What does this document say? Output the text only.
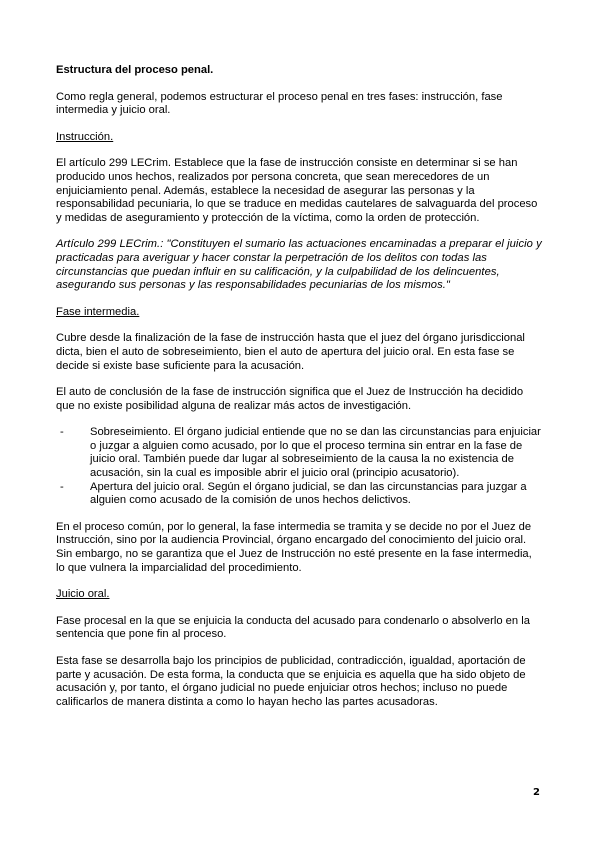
Estructura del proceso penal.

Como regla general, podemos estructurar el proceso penal en tres fases: instrucción, fase intermedia y juicio oral.

Instrucción.

El artículo 299 LECrim. Establece que la fase de instrucción consiste en determinar si se han producido unos hechos, realizados por persona concreta, que sean merecedores de un enjuiciamiento penal. Además, establece la necesidad de asegurar las personas y la responsabilidad pecuniaria, lo que se traduce en medidas cautelares de salvaguarda del proceso y medidas de aseguramiento y protección de la víctima, como la orden de protección.

Artículo 299 LECrim.: "Constituyen el sumario las actuaciones encaminadas a preparar el juicio y practicadas para averiguar y hacer constar la perpetración de los delitos con todas las circunstancias que puedan influir en su calificación, y la culpabilidad de los delincuentes, asegurando sus personas y las responsabilidades pecuniarias de los mismos."

Fase intermedia.

Cubre desde la finalización de la fase de instrucción hasta que el juez del órgano jurisdiccional dicta, bien el auto de sobreseimiento, bien el auto de apertura del juicio oral. En esta fase se decide si existe base suficiente para la acusación.

El auto de conclusión de la fase de instrucción significa que el Juez de Instrucción ha decidido que no existe posibilidad alguna de realizar más actos de investigación.

- Sobreseimiento. El órgano judicial entiende que no se dan las circunstancias para enjuiciar o juzgar a alguien como acusado, por lo que el proceso termina sin entrar en la fase de juicio oral. También puede dar lugar al sobreseimiento de la causa la no existencia de acusación, sin la cual es imposible abrir el juicio oral (principio acusatorio).
- Apertura del juicio oral. Según el órgano judicial, se dan las circunstancias para juzgar a alguien como acusado de la comisión de unos hechos delictivos.

En el proceso común, por lo general, la fase intermedia se tramita y se decide no por el Juez de Instrucción, sino por la audiencia Provincial, órgano encargado del conocimiento del juicio oral. Sin embargo, no se garantiza que el Juez de Instrucción no esté presente en la fase intermedia, lo que vulnera la imparcialidad del procedimiento.

Juicio oral.

Fase procesal en la que se enjuicia la conducta del acusado para condenarlo o absolverlo en la sentencia que pone fin al proceso.

Esta fase se desarrolla bajo los principios de publicidad, contradicción, igualdad, aportación de parte y acusación. De esta forma, la conducta que se enjuicia es aquella que ha sido objeto de acusación y, por tanto, el órgano judicial no puede enjuiciar otros hechos; incluso no puede calificarlos de manera distinta a como lo hayan hecho las partes acusadoras.

2
